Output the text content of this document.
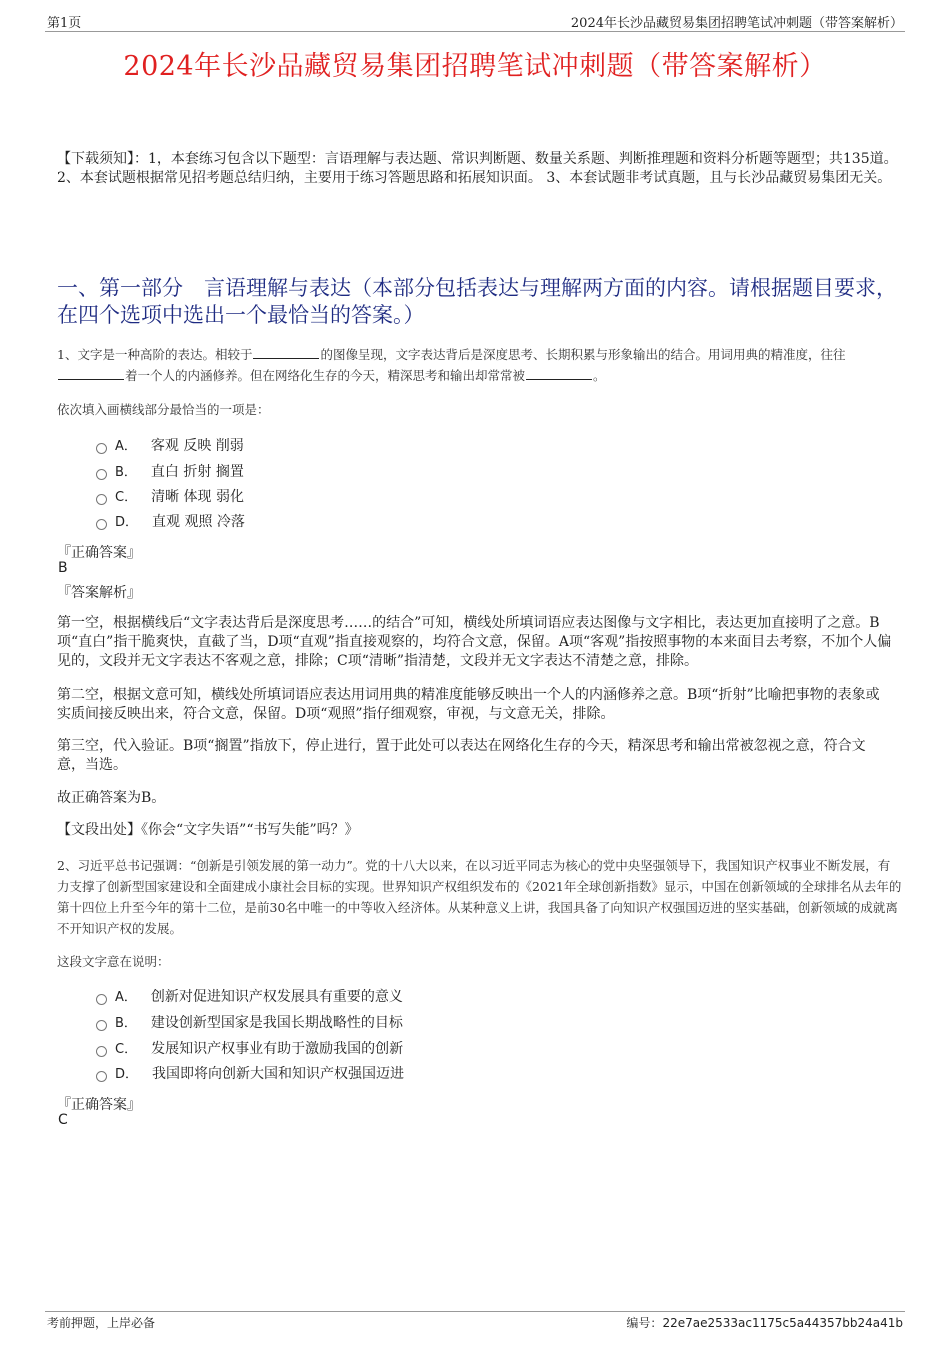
第1页	2024年长沙品藏贸易集团招聘笔试冲刺题（带答案解析）
2024年长沙品藏贸易集团招聘笔试冲刺题（带答案解析）
【下载须知】：1，本套练习包含以下题型：言语理解与表达题、常识判断题、数量关系题、判断推理题和资料分析题等题型；共135道。 2、本套试题根据常见招考题总结归纳，主要用于练习答题思路和拓展知识面。 3、本套试题非考试真题，且与长沙品藏贸易集团无关。
一、第一部分　言语理解与表达（本部分包括表达与理解两方面的内容。请根据题目要求，在四个选项中选出一个最恰当的答案。）
1、文字是一种高阶的表达。相较于	的图像呈现，文字表达背后是深度思考、长期积累与形象输出的结合。用词用典的精准度，往往
着一个人的内涵修养。但在网络化生存的今天，精深思考和输出却常常被	。
依次填入画横线部分最恰当的一项是：
A． 客观 反映 削弱
B． 直白 折射 搁置
C． 清晰 体现 弱化
D． 直观 观照 冷落
『正确答案』
B
『答案解析』
第一空，根据横线后“文字表达背后是深度思考……的结合”可知，横线处所填词语应表达图像与文字相比，表达更加直接明了之意。B项“直白”指干脆爽快，直截了当，D项“直观”指直接观察的，均符合文意，保留。A项“客观”指按照事物的本来面目去考察，不加个人偏见的，文段并无文字表达不客观之意，排除；C项“清晰”指清楚，文段并无文字表达不清楚之意，排除。
第二空，根据文意可知，横线处所填词语应表达用词用典的精准度能够反映出一个人的内涵修养之意。B项“折射”比喻把事物的表象或实质间接反映出来，符合文意，保留。D项“观照”指仔细观察，审视，与文意无关，排除。
第三空，代入验证。B项“搁置”指放下，停止进行，置于此处可以表达在网络化生存的今天，精深思考和输出常被忽视之意，符合文意，当选。
故正确答案为B。
【文段出处】《你会“文字失语”“书写失能”吗？》
2、习近平总书记强调：“创新是引领发展的第一动力”。党的十八大以来，在以习近平同志为核心的党中央坚强领导下，我国知识产权事业不断发展，有力支撑了创新型国家建设和全面建成小康社会目标的实现。世界知识产权组织发布的《2021年全球创新指数》显示，中国在创新领域的全球排名从去年的第十四位上升至今年的第十二位，是前30名中唯一的中等收入经济体。从某种意义上讲，我国具备了向知识产权强国迈进的坚实基础，创新领域的成就离不开知识产权的发展。
这段文字意在说明：
A． 创新对促进知识产权发展具有重要的意义
B． 建设创新型国家是我国长期战略性的目标
C． 发展知识产权事业有助于激励我国的创新
D． 我国即将向创新大国和知识产权强国迈进
『正确答案』
C
考前押题，上岸必备	编号：22e7ae2533ac1175c5a44357bb24a41b
